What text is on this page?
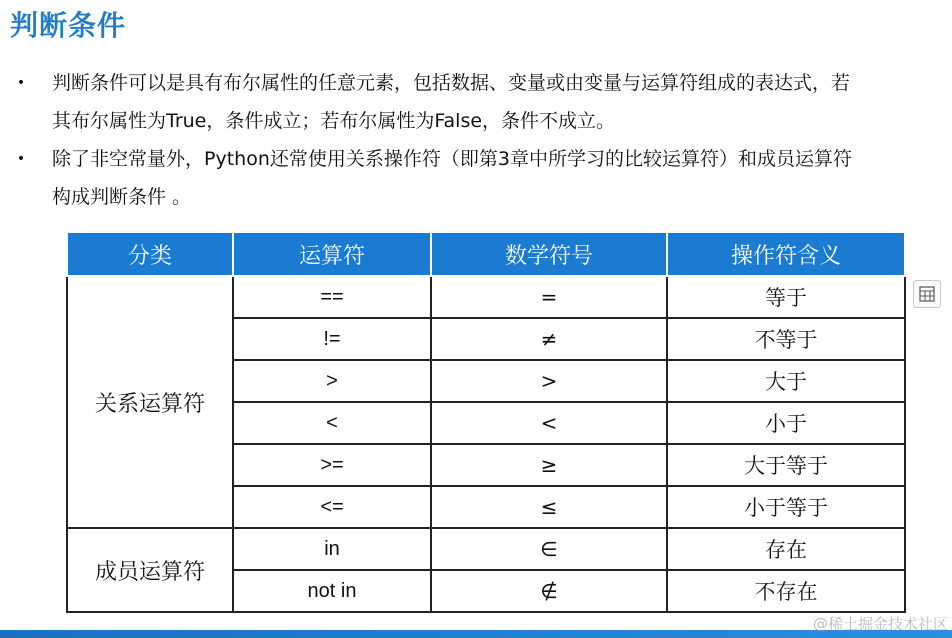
判断条件
• 判断条件可以是具有布尔属性的任意元素，包括数据、变量或由变量与运算符组成的表达式，若
其布尔属性为True，条件成立；若布尔属性为False，条件不成立。
• 除了非空常量外，Python还常使用关系操作符（即第3章中所学习的比较运算符）和成员运算符
构成判断条件 。
分类	运算符	数学符号	操作符含义
关系运算符	==	=	等于
	!=	≠	不等于
	>	>	大于
	<	<	小于
	>=	≥	大于等于
	<=	≤	小于等于
成员运算符	in	∈	存在
	not in	∉	不存在
@稀土掘金技术社区
